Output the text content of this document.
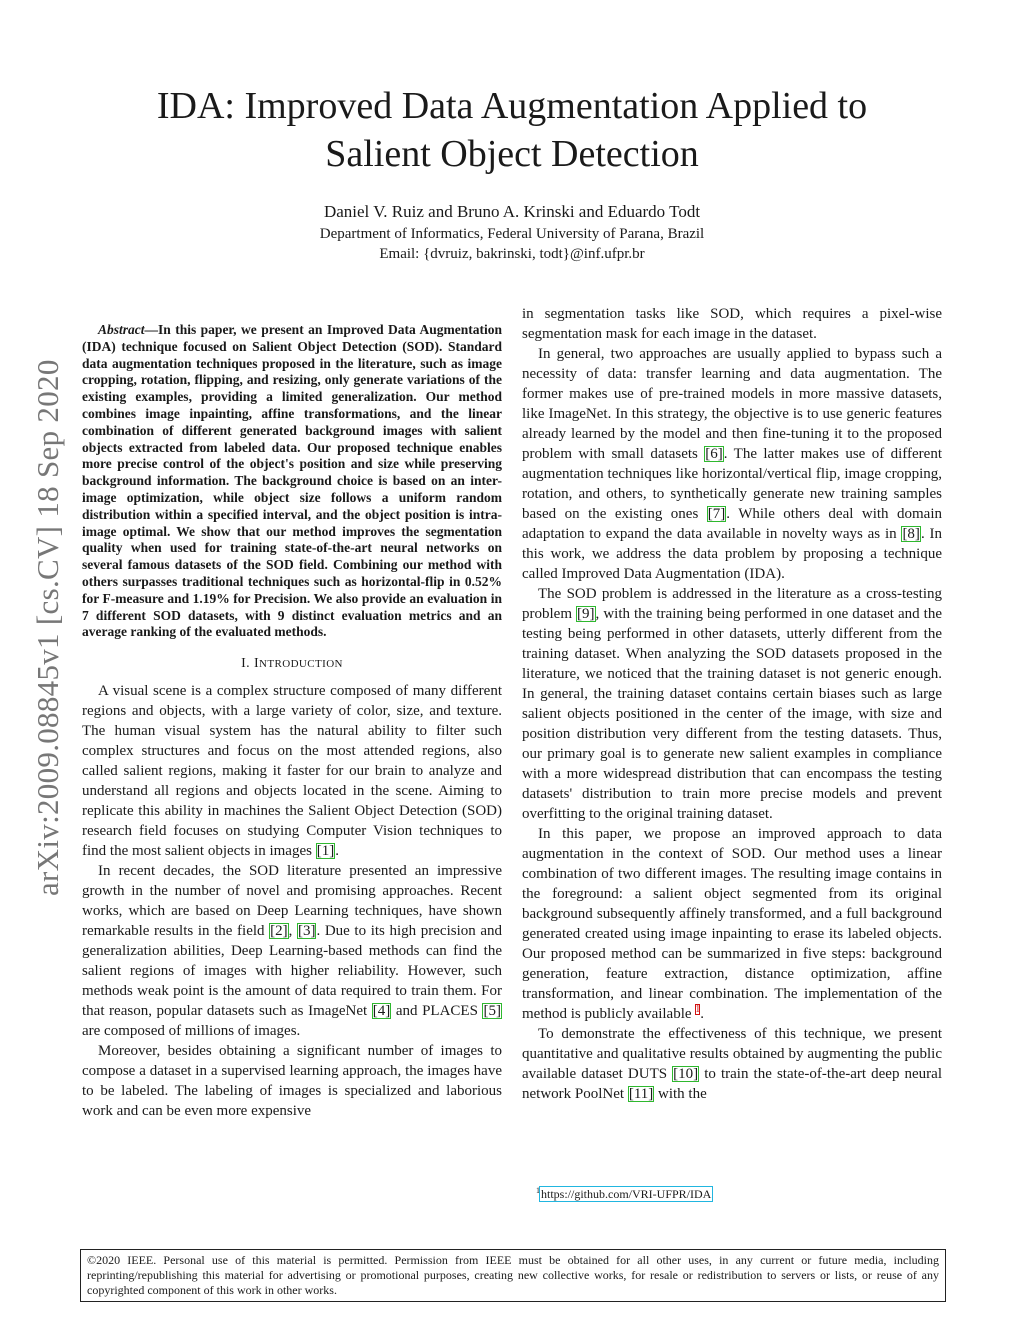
IDA: Improved Data Augmentation Applied to
Salient Object Detection
Daniel V. Ruiz and Bruno A. Krinski and Eduardo Todt
Department of Informatics, Federal University of Parana, Brazil
Email: {dvruiz, bakrinski, todt}@inf.ufpr.br
arXiv:2009.08845v1 [cs.CV] 18 Sep 2020

Abstract—In this paper, we present an Improved Data Augmentation (IDA) technique focused on Salient Object Detection (SOD). Standard data augmentation techniques proposed in the literature, such as image cropping, rotation, flipping, and resizing, only generate variations of the existing examples, providing a limited generalization. Our method combines image inpainting, affine transformations, and the linear combination of different generated background images with salient objects extracted from labeled data. Our proposed technique enables more precise control of the object's position and size while preserving background information. The background choice is based on an inter-image optimization, while object size follows a uniform random distribution within a specified interval, and the object position is intra-image optimal. We show that our method improves the segmentation quality when used for training state-of-the-art neural networks on several famous datasets of the SOD field. Combining our method with others surpasses traditional techniques such as horizontal-flip in 0.52% for F-measure and 1.19% for Precision. We also provide an evaluation in 7 different SOD datasets, with 9 distinct evaluation metrics and an average ranking of the evaluated methods.

I. INTRODUCTION

A visual scene is a complex structure composed of many different regions and objects, with a large variety of color, size, and texture. The human visual system has the natural ability to filter such complex structures and focus on the most attended regions, also called salient regions, making it faster for our brain to analyze and understand all regions and objects located in the scene. Aiming to replicate this ability in machines the Salient Object Detection (SOD) research field focuses on studying Computer Vision techniques to find the most salient objects in images [1].

In recent decades, the SOD literature presented an impressive growth in the number of novel and promising approaches. Recent works, which are based on Deep Learning techniques, have shown remarkable results in the field [2], [3]. Due to its high precision and generalization abilities, Deep Learning-based methods can find the salient regions of images with higher reliability. However, such methods weak point is the amount of data required to train them. For that reason, popular datasets such as ImageNet [4] and PLACES [5] are composed of millions of images.

Moreover, besides obtaining a significant number of images to compose a dataset in a supervised learning approach, the images have to be labeled. The labeling of images is specialized and laborious work and can be even more expensive

in segmentation tasks like SOD, which requires a pixel-wise segmentation mask for each image in the dataset.

In general, two approaches are usually applied to bypass such a necessity of data: transfer learning and data augmentation. The former makes use of pre-trained models in more massive datasets, like ImageNet. In this strategy, the objective is to use generic features already learned by the model and then fine-tuning it to the proposed problem with small datasets [6]. The latter makes use of different augmentation techniques like horizontal/vertical flip, image cropping, rotation, and others, to synthetically generate new training samples based on the existing ones [7]. While others deal with domain adaptation to expand the data available in novelty ways as in [8]. In this work, we address the data problem by proposing a technique called Improved Data Augmentation (IDA).

The SOD problem is addressed in the literature as a cross-testing problem [9], with the training being performed in one dataset and the testing being performed in other datasets, utterly different from the training dataset. When analyzing the SOD datasets proposed in the literature, we noticed that the training dataset is not generic enough. In general, the training dataset contains certain biases such as large salient objects positioned in the center of the image, with size and position distribution very different from the testing datasets. Thus, our primary goal is to generate new salient examples in compliance with a more widespread distribution that can encompass the testing datasets' distribution to train more precise models and prevent overfitting to the original training dataset.

In this paper, we propose an improved approach to data augmentation in the context of SOD. Our method uses a linear combination of two different images. The resulting image contains in the foreground: a salient object segmented from its original background subsequently affinely transformed, and a full background generated created using image inpainting to erase its labeled objects. Our proposed method can be summarized in five steps: background generation, feature extraction, distance optimization, affine transformation, and linear combination. The implementation of the method is publicly available $^1$.

To demonstrate the effectiveness of this technique, we present quantitative and qualitative results obtained by augmenting the public available dataset DUTS [10] to train the state-of-the-art deep neural network PoolNet [11] with the

$^1$https://github.com/VRI-UFPR/IDA
©2020 IEEE. Personal use of this material is permitted. Permission from IEEE must be obtained for all other uses, in any current or future media, including reprinting/republishing this material for advertising or promotional purposes, creating new collective works, for resale or redistribution to servers or lists, or reuse of any copyrighted component of this work in other works.
